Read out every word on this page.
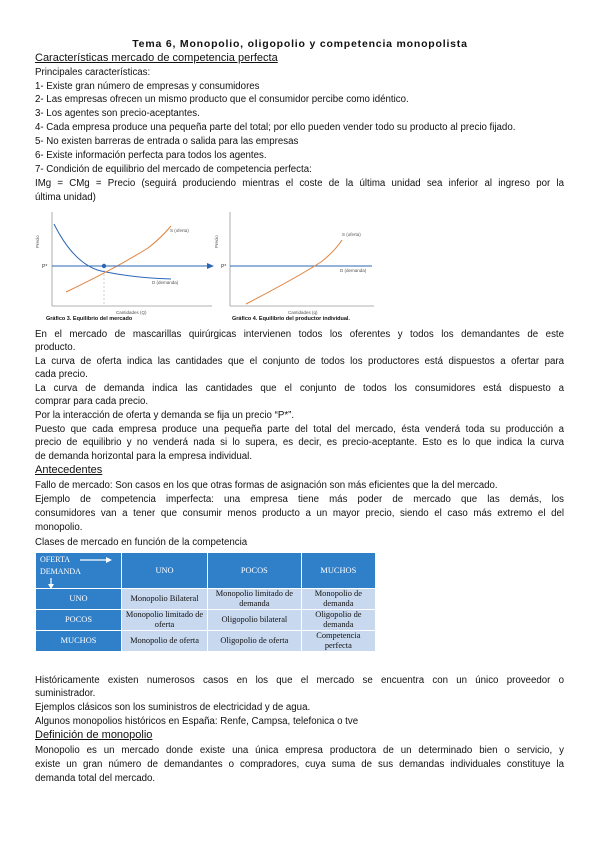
Tema 6, Monopolio, oligopolio y competencia monopolista
Características mercado de competencia perfecta
Principales características:
1- Existe gran número de empresas y consumidores
2- Las empresas ofrecen un mismo producto que el consumidor percibe como idéntico.
3- Los agentes son precio-aceptantes.
4- Cada empresa produce una pequeña parte del total; por ello pueden vender todo su producto al precio fijado.
5- No existen barreras de entrada o salida para las empresas
6- Existe información perfecta para todos los agentes.
7- Condición de equilibrio del mercado de competencia perfecta:
IMg = CMg = Precio (seguirá produciendo mientras el coste de la última unidad sea inferior al ingreso por la
última unidad)
Precio
P*
S (oferta)
D (demanda)
Cantidades (Q)
Gráfico 3. Equilibrio del mercado
Precio
P*
S (oferta)
D (demanda)
Cantidades (q)
Gráfico 4. Equilibrio del productor individual.
En el mercado de mascarillas quirúrgicas intervienen todos los oferentes y todos los demandantes de este
producto.
La curva de oferta indica las cantidades que el conjunto de todos los productores está dispuestos a ofertar para
cada precio.
La curva de demanda indica las cantidades que el conjunto de todos los consumidores está dispuesto a
comprar para cada precio.
Por la interacción de oferta y demanda se fija un precio “P*”.
Puesto que cada empresa produce una pequeña parte del total del mercado, ésta venderá toda su producción a
precio de equilibrio y no venderá nada si lo supera, es decir, es precio-aceptante. Esto es lo que indica la curva
de demanda horizontal para la empresa individual.
Antecedentes
Fallo de mercado: Son casos en los que otras formas de asignación son más eficientes que la del mercado.
Ejemplo de competencia imperfecta: una empresa tiene más poder de mercado que las demás, los
consumidores van a tener que consumir menos producto a un mayor precio, siendo el caso más extremo el del
monopolio.
Clases de mercado en función de la competencia
OFERTA
DEMANDA	UNO	POCOS	MUCHOS
UNO	Monopolio Bilateral	Monopolio limitado de demanda	Monopolio de demanda
POCOS	Monopolio limitado de oferta	Oligopolio bilateral	Oligopolio de demanda
MUCHOS	Monopolio de oferta	Oligopolio de oferta	Competencia perfecta
Históricamente existen numerosos casos en los que el mercado se encuentra con un único proveedor o
suministrador.
Ejemplos clásicos son los suministros de electricidad y de agua.
Algunos monopolios históricos en España: Renfe, Campsa, telefonica o tve
Definición de monopolio
Monopolio es un mercado donde existe una única empresa productora de un determinado bien o servicio, y
existe un gran número de demandantes o compradores, cuya suma de sus demandas individuales constituye la
demanda total del mercado.
